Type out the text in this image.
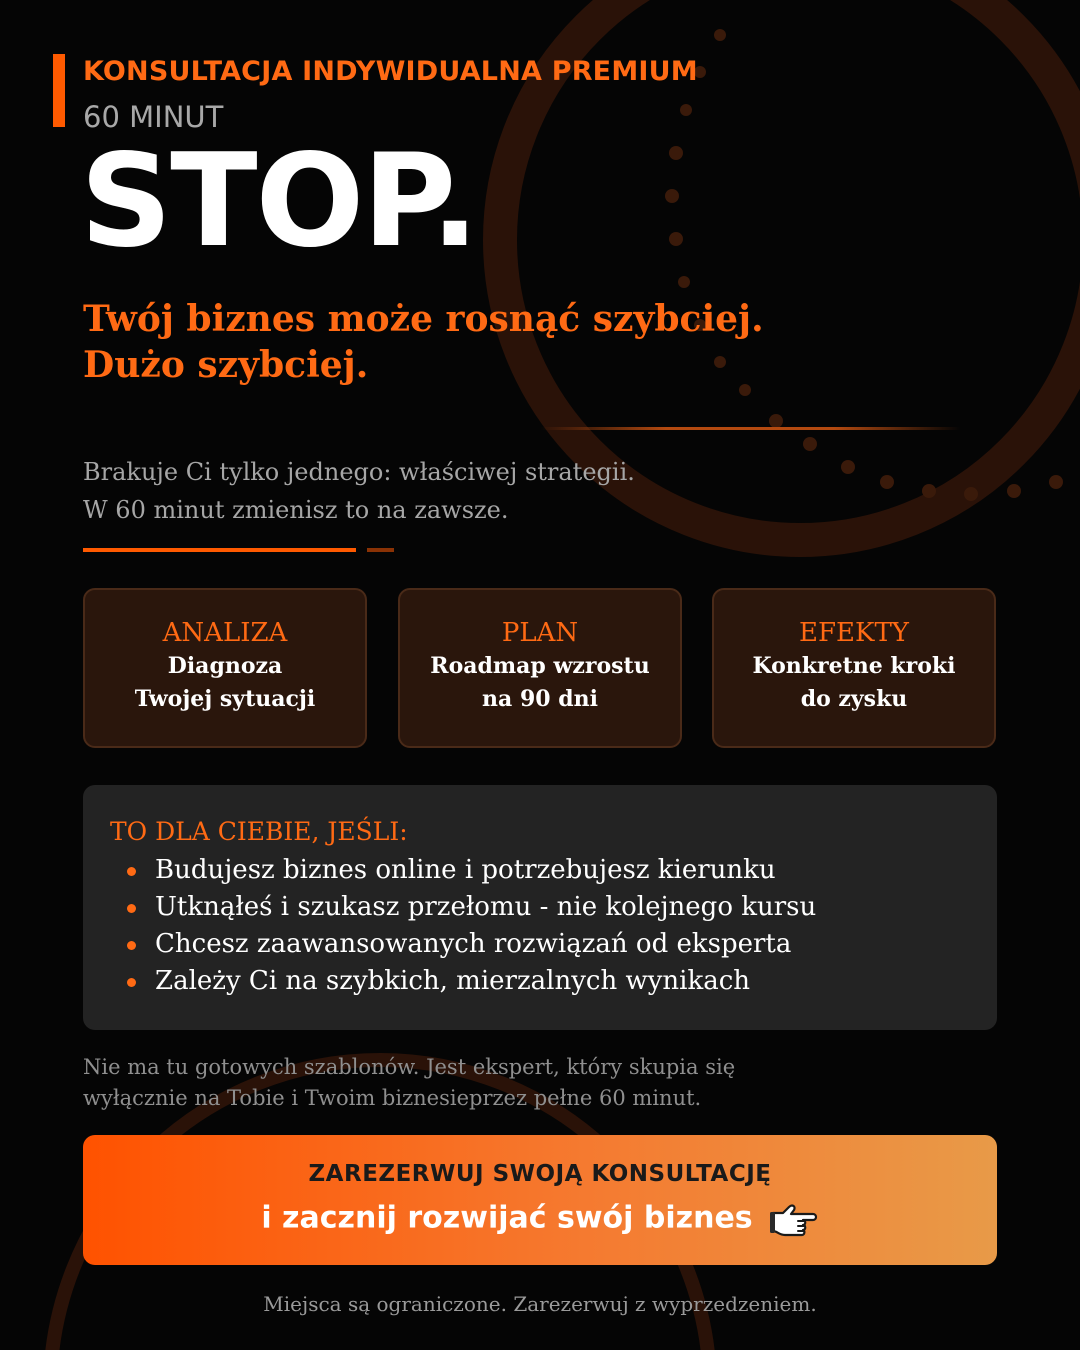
KONSULTACJA INDYWIDUALNA PREMIUM
60 MINUT
STOP.
Twój biznes może rosnąć szybciej.
Dużo szybciej.
Brakuje Ci tylko jednego: właściwej strategii.
W 60 minut zmienisz to na zawsze.
ANALIZA
Diagnoza
Twojej sytuacji
PLAN
Roadmap wzrostu
na 90 dni
EFEKTY
Konkretne kroki
do zysku
TO DLA CIEBIE, JEŚLI:
Budujesz biznes online i potrzebujesz kierunku
Utknąłeś i szukasz przełomu - nie kolejnego kursu
Chcesz zaawansowanych rozwiązań od eksperta
Zależy Ci na szybkich, mierzalnych wynikach
Nie ma tu gotowych szablonów. Jest ekspert, który skupia się
wyłącznie na Tobie i Twoim biznesieprzez pełne 60 minut.
ZAREZERWUJ SWOJĄ KONSULTACJĘ
i zacznij rozwijać swój biznes
Miejsca są ograniczone. Zarezerwuj z wyprzedzeniem.
